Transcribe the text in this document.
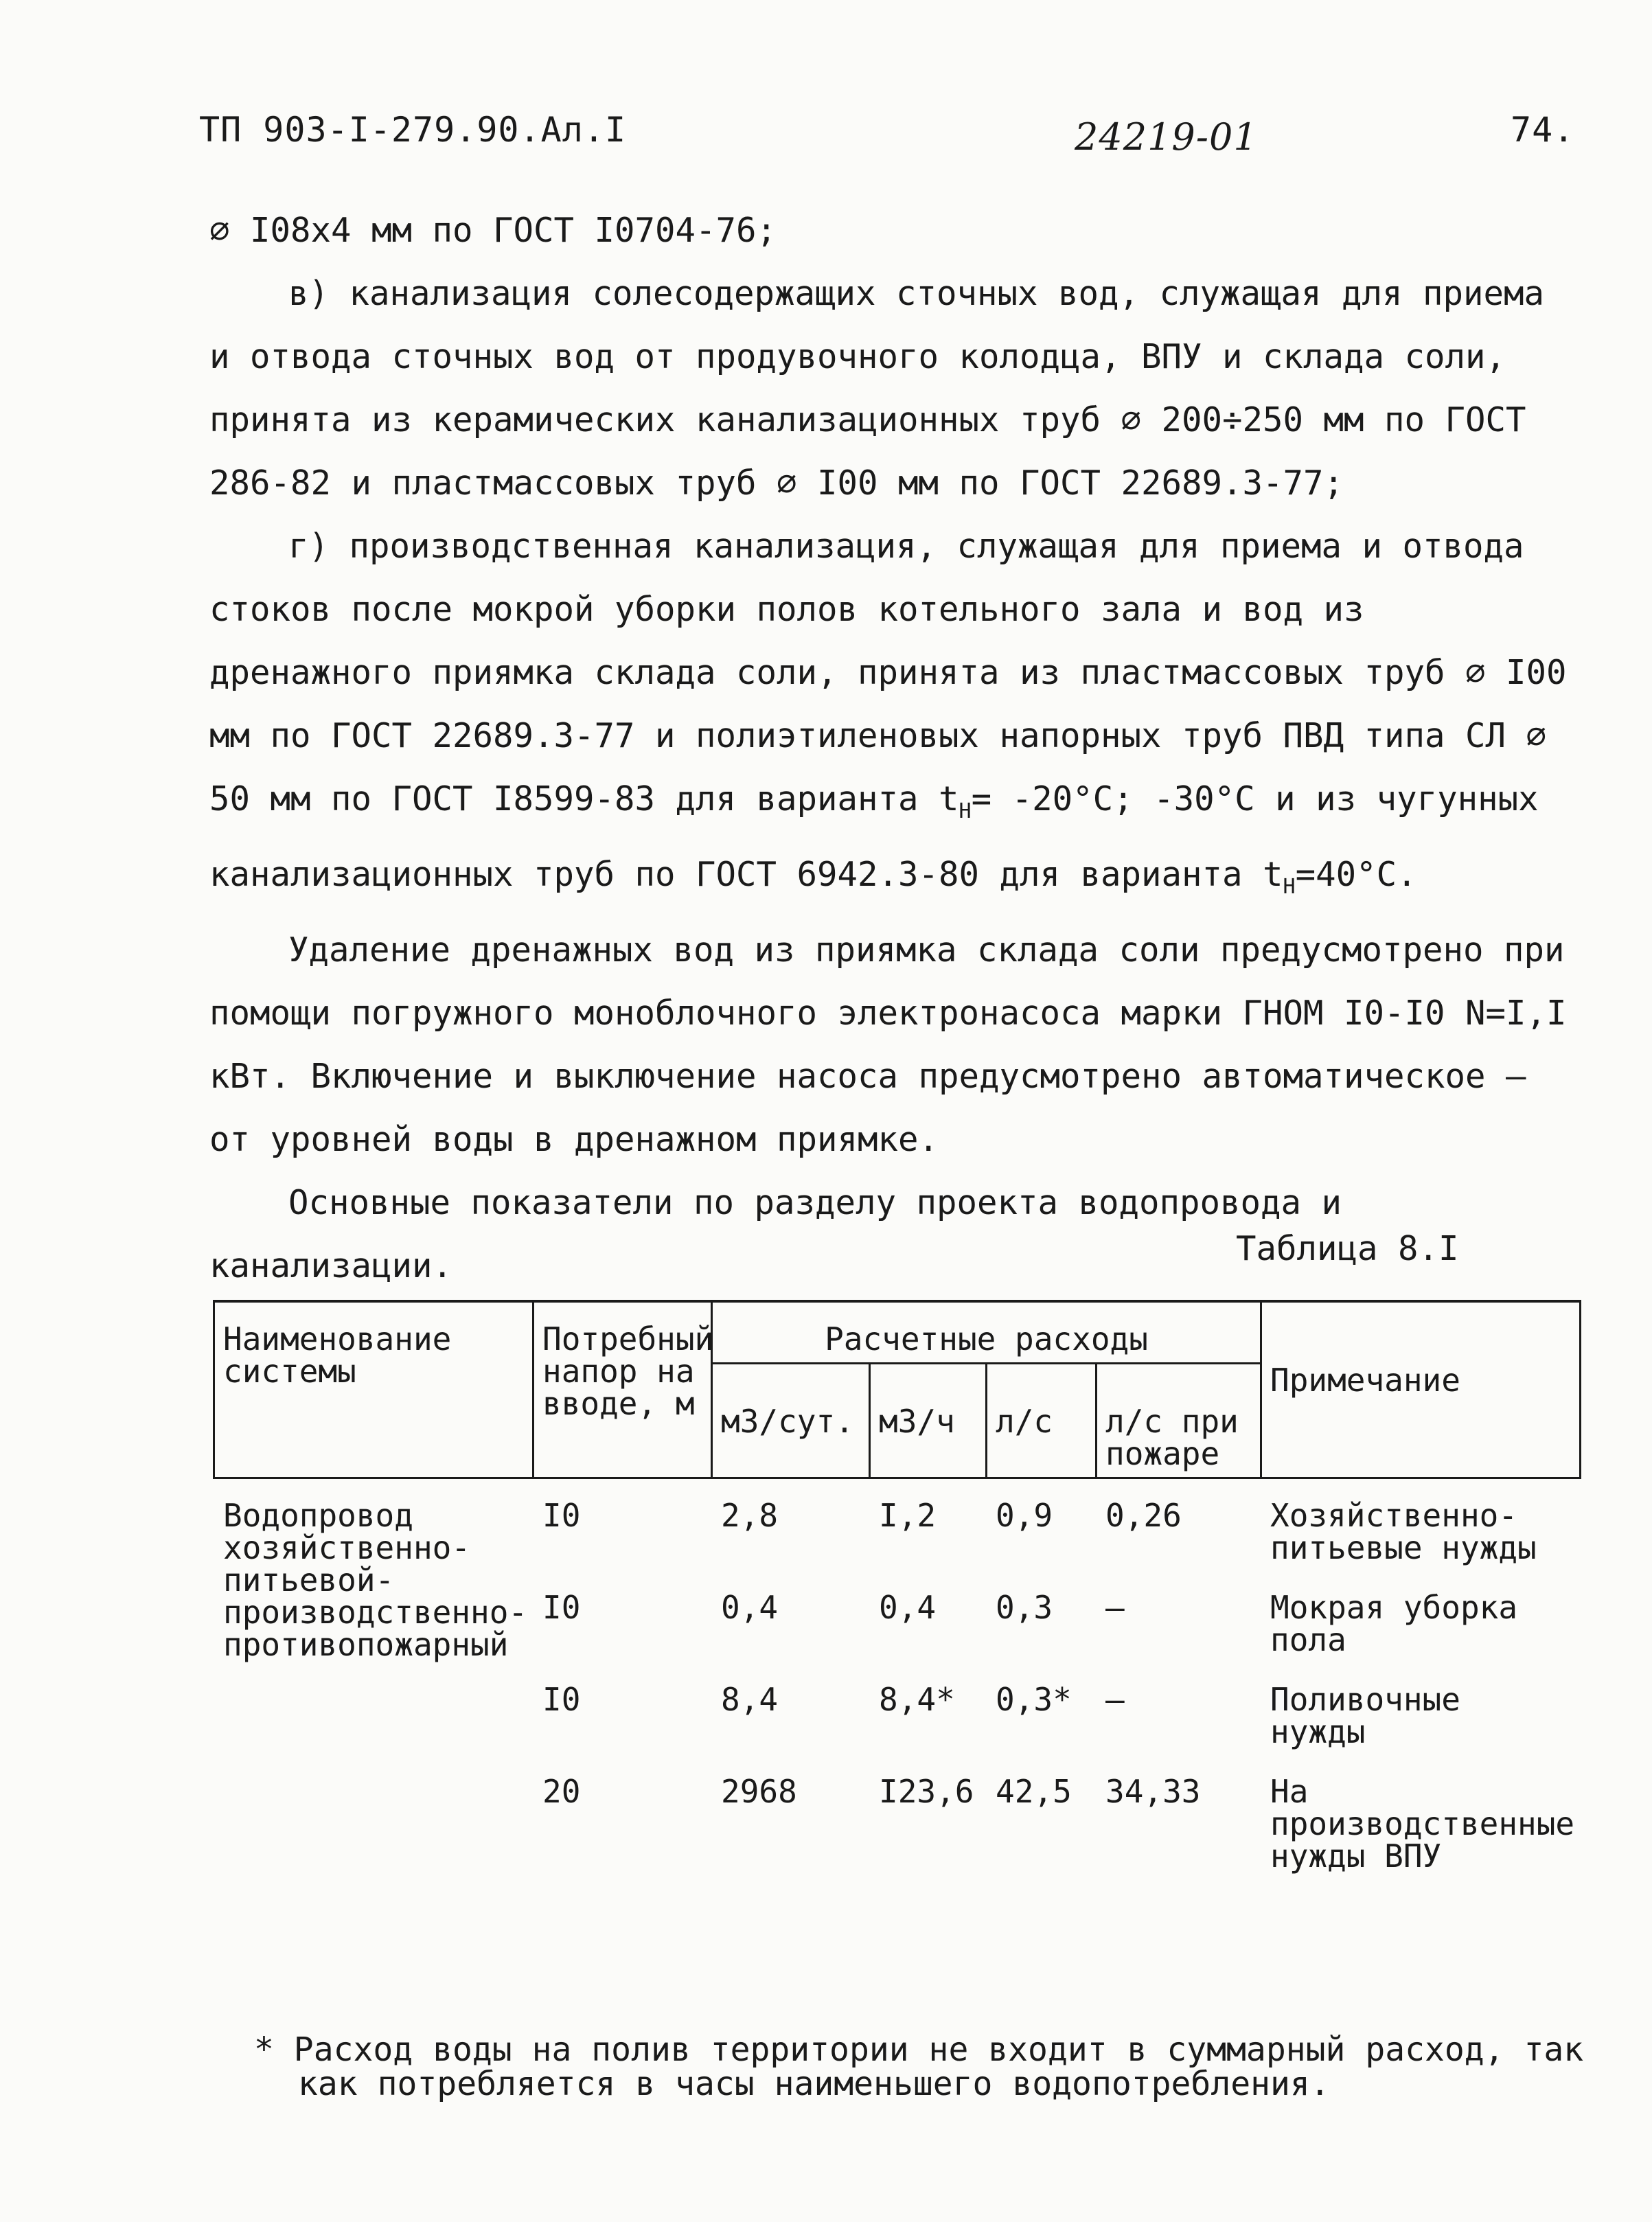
ТП 903-I-279.90.Ал.I	24219-01	74.

∅ I08х4 мм по ГОСТ I0704-76;

в) канализация солесодержащих сточных вод, служащая для приема и отвода сточных вод от продувочного колодца, ВПУ и склада соли, принята из керамических канализационных труб ∅ 200÷250 мм по ГОСТ 286-82 и пластмассовых труб ∅ I00 мм по ГОСТ 22689.3-77;

г) производственная канализация, служащая для приема и отвода стоков после мокрой уборки полов котельного зала и вод из дренажного приямка склада соли, принята из пластмассовых труб ∅ I00 мм по ГОСТ 22689.3-77 и полиэтиленовых напорных труб ПВД типа СЛ ∅ 50 мм по ГОСТ I8599-83 для варианта $t_Н= -20^\circ С$; -30°С и из чугунных канализационных труб по ГОСТ 6942.3-80 для варианта $t_Н=40^\circ С$.

Удаление дренажных вод из приямка склада соли предусмотрено при помощи погружного моноблочного электронасоса марки ГНОМ I0-I0 N=I,I кВт. Включение и выключение насоса предусмотрено автоматическое – от уровней воды в дренажном приямке.

Основные показатели по разделу проекта водопровода и канализации.	Таблица 8.I
Наименование системы	Потребный напор на вводе, м	Расчетные расходы				Примечание
		м3/сут.	м3/ч	л/с	л/с при пожаре	
Водопровод хозяйственно-питьевой-производственно-противопожарный	I0	2,8	I,2	0,9	0,26	Хозяйственно-питьевые нужды
	I0	0,4	0,4	0,3	–	Мокрая уборка пола
	I0	8,4	8,4*	0,3*	–	Поливочные нужды
	20	2968	I23,6	42,5	34,33	На производственные нужды ВПУ
* Расход воды на полив территории не входит в суммарный расход, так как потребляется в часы наименьшего водопотребления.
